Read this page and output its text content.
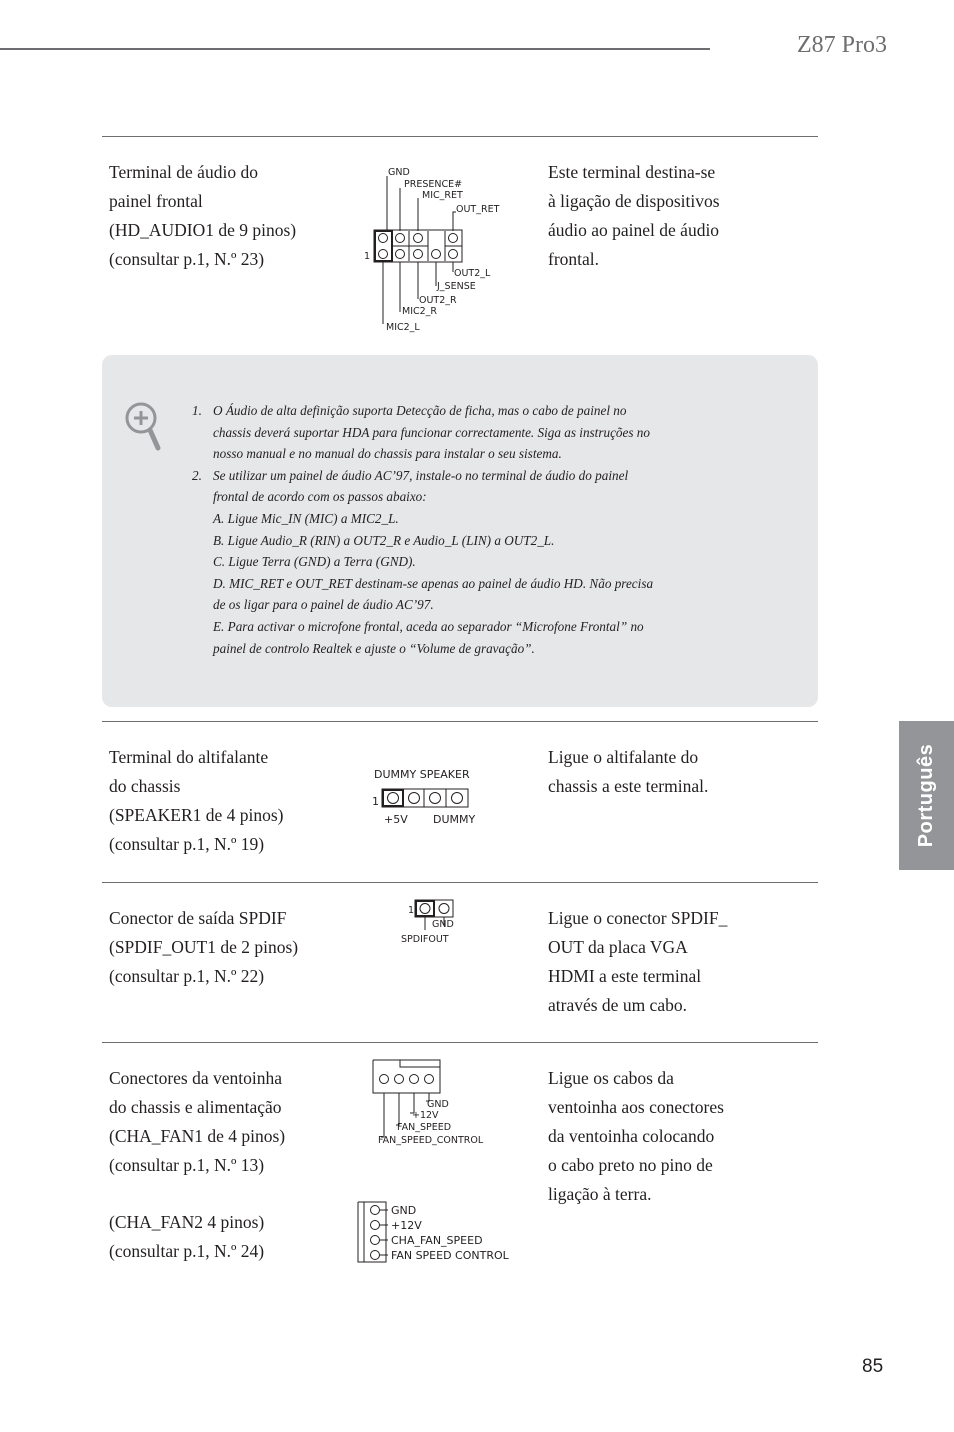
Z87 Pro3
Português
Terminal de áudio do
painel frontal
(HD_AUDIO1 de 9 pinos)
(consultar p.1, N.º 23)
Este terminal destina-se
à ligação de dispositivos
áudio ao painel de áudio
frontal.
1
GND
PRESENCE#
MIC_RET
OUT_RET
OUT2_L
J_SENSE
OUT2_R
MIC2_R
MIC2_L
1. O Áudio de alta definição suporta Detecção de ficha, mas o cabo de painel no
chassis deverá suportar HDA para funcionar correctamente. Siga as instruções no
nosso manual e no manual do chassis para instalar o seu sistema.
2. Se utilizar um painel de áudio AC’97, instale-o no terminal de áudio do painel
frontal de acordo com os passos abaixo:
A. Ligue Mic_IN (MIC) a MIC2_L.
B. Ligue Audio_R (RIN) a OUT2_R e Audio_L (LIN) a OUT2_L.
C. Ligue Terra (GND) a Terra (GND).
D. MIC_RET e OUT_RET destinam-se apenas ao painel de áudio HD. Não precisa
de os ligar para o painel de áudio AC’97.
E. Para activar o microfone frontal, aceda ao separador “Microfone Frontal” no
painel de controlo Realtek e ajuste o “Volume de gravação”.
Terminal do altifalante
do chassis
(SPEAKER1 de 4 pinos)
(consultar p.1, N.º 19)
Ligue o altifalante do
chassis a este terminal.
DUMMY SPEAKER
1
+5V DUMMY
Conector de saída SPDIF
(SPDIF_OUT1 de 2 pinos)
(consultar p.1, N.º 22)
Ligue o conector SPDIF_
OUT da placa VGA
HDMI a este terminal
através de um cabo.
1
GND
SPDIFOUT
Conectores da ventoinha
do chassis e alimentação
(CHA_FAN1 de 4 pinos)
(consultar p.1, N.º 13)
(CHA_FAN2 4 pinos)
(consultar p.1, N.º 24)
Ligue os cabos da
ventoinha aos conectores
da ventoinha colocando
o cabo preto no pino de
ligação à terra.
GND
+12V
FAN_SPEED
FAN_SPEED_CONTROL
GND
+12V
CHA_FAN_SPEED
FAN SPEED CONTROL
85
